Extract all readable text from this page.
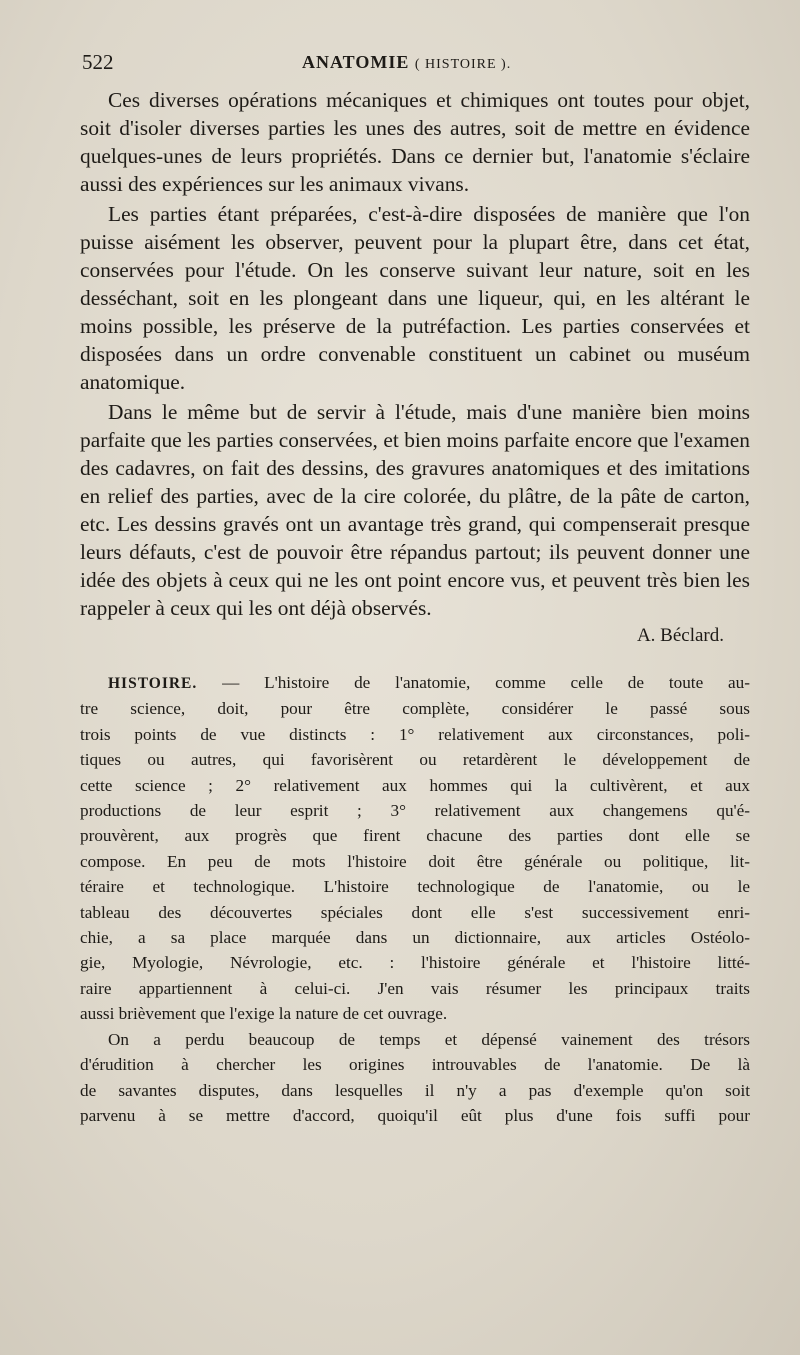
522	ANATOMIE ( HISTOIRE ).

Ces diverses opérations mécaniques et chimiques ont toutes pour objet, soit d'isoler diverses parties les unes des autres, soit de mettre en évidence quelques-unes de leurs propriétés. Dans ce dernier but, l'anatomie s'éclaire aussi des expériences sur les animaux vivans.

Les parties étant préparées, c'est-à-dire disposées de manière que l'on puisse aisément les observer, peuvent pour la plupart être, dans cet état, conservées pour l'étude. On les conserve suivant leur nature, soit en les desséchant, soit en les plongeant dans une liqueur, qui, en les altérant le moins possible, les préserve de la putréfaction. Les parties conservées et disposées dans un ordre convenable constituent un cabinet ou muséum anatomique.

Dans le même but de servir à l'étude, mais d'une manière bien moins parfaite que les parties conservées, et bien moins parfaite encore que l'examen des cadavres, on fait des dessins, des gravures anatomiques et des imitations en relief des parties, avec de la cire colorée, du plâtre, de la pâte de carton, etc. Les dessins gravés ont un avantage très grand, qui compenserait presque leurs défauts, c'est de pouvoir être répandus partout; ils peuvent donner une idée des objets à ceux qui ne les ont point encore vus, et peuvent très bien les rappeler à ceux qui les ont déjà observés.

A. Béclard.

HISTOIRE. — L'histoire de l'anatomie, comme celle de toute au-
tre science, doit, pour être complète, considérer le passé sous
trois points de vue distincts : 1° relativement aux circonstances, poli-
tiques ou autres, qui favorisèrent ou retardèrent le développement de
cette science ; 2° relativement aux hommes qui la cultivèrent, et aux
productions de leur esprit ; 3° relativement aux changemens qu'é-
prouvèrent, aux progrès que firent chacune des parties dont elle se
compose. En peu de mots l'histoire doit être générale ou politique, lit-
téraire et technologique. L'histoire technologique de l'anatomie, ou le
tableau des découvertes spéciales dont elle s'est successivement enri-
chie, a sa place marquée dans un dictionnaire, aux articles Ostéolo-
gie, Myologie, Névrologie, etc. : l'histoire générale et l'histoire litté-
raire appartiennent à celui-ci. J'en vais résumer les principaux traits
aussi brièvement que l'exige la nature de cet ouvrage.

On a perdu beaucoup de temps et dépensé vainement des trésors
d'érudition à chercher les origines introuvables de l'anatomie. De là
de savantes disputes, dans lesquelles il n'y a pas d'exemple qu'on soit
parvenu à se mettre d'accord, quoiqu'il eût plus d'une fois suffi pour
